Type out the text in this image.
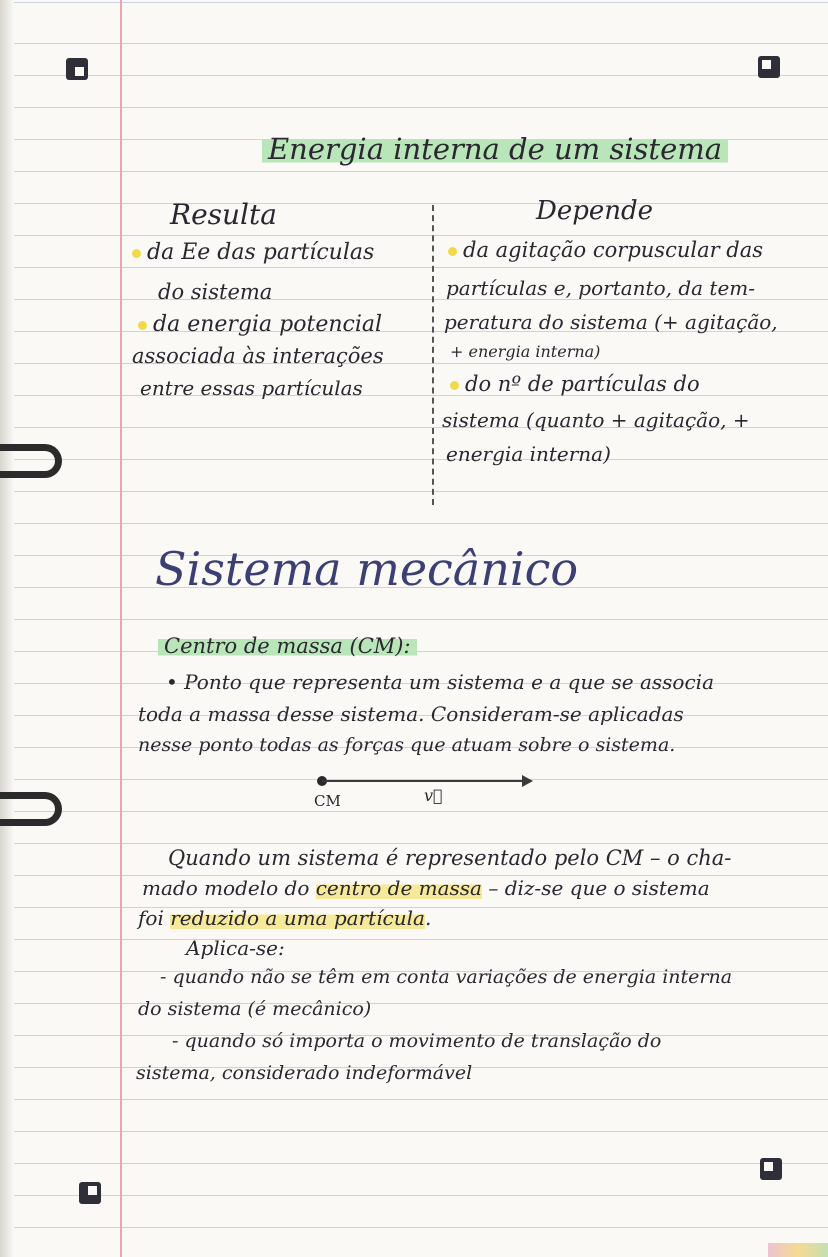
Energia interna de um sistema
Resulta
da Ee das partículas
do sistema
da energia potencial
associada às interações
entre essas partículas
Depende
da agitação corpuscular das
partículas e, portanto, da tem-
peratura do sistema (+ agitação,
+ energia interna)
do nº de partículas do
sistema (quanto + agitação, +
energia interna)
Sistema mecânico
Centro de massa (CM):
• Ponto que representa um sistema e a que se associa
toda a massa desse sistema. Consideram-se aplicadas
nesse ponto todas as forças que atuam sobre o sistema.
CM	v⃗
Quando um sistema é representado pelo CM – o cha-
mado modelo do centro de massa – diz-se que o sistema
foi reduzido a uma partícula.
Aplica-se:
- quando não se têm em conta variações de energia interna
do sistema (é mecânico)
- quando só importa o movimento de translação do
sistema, considerado indeformável
